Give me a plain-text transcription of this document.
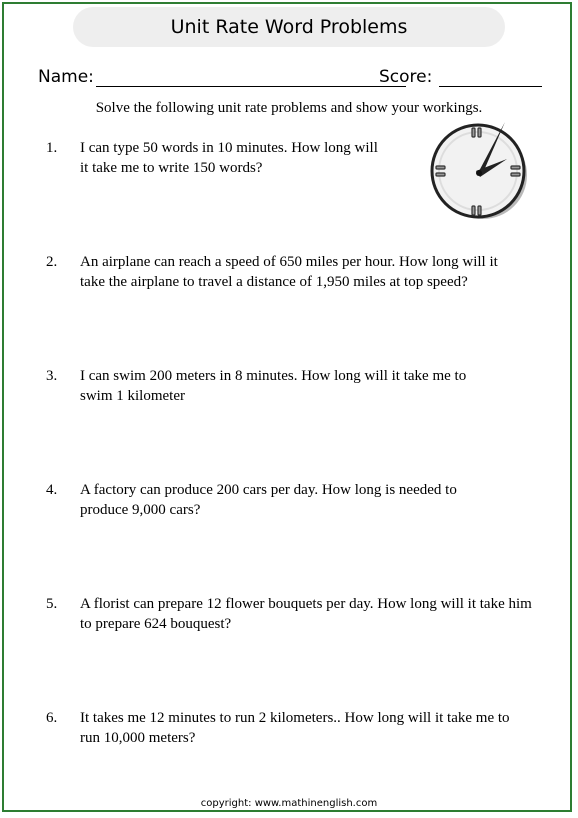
Unit Rate Word Problems
Name:	Score:
Solve the following unit rate problems and show your workings.
1. I can type 50 words in 10 minutes. How long will it take me to write 150 words?
2. An airplane can reach a speed of 650 miles per hour. How long will it take the airplane to travel a distance of 1,950 miles at top speed?
3. I can swim 200 meters in 8 minutes. How long will it take me to swim 1 kilometer
4. A factory can produce 200 cars per day. How long is needed to produce 9,000 cars?
5. A florist can prepare 12 flower bouquets per day. How long will it take him to prepare 624 bouquest?
6. It takes me 12 minutes to run 2 kilometers.. How long will it take me to run 10,000 meters?
copyright: www.mathinenglish.com
